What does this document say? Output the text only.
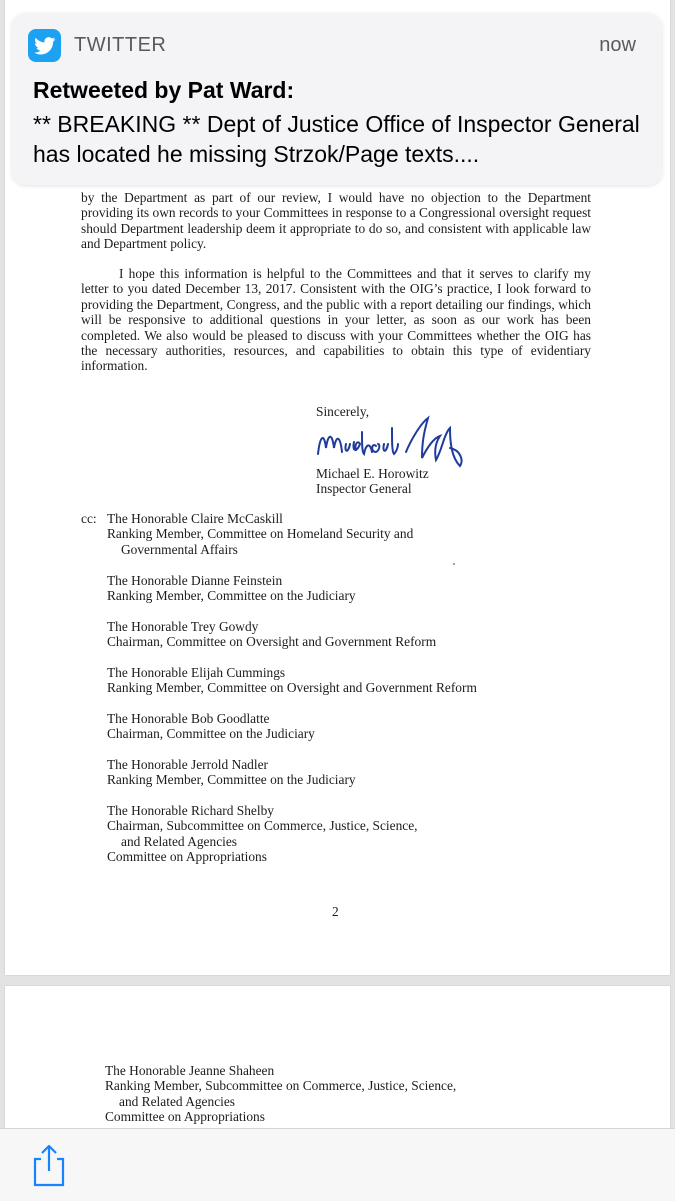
by the Department as part of our review, I would have no objection to the Department providing its own records to your Committees in response to a Congressional oversight request should Department leadership deem it appropriate to do so, and consistent with applicable law and Department policy.
I hope this information is helpful to the Committees and that it serves to clarify my letter to you dated December 13, 2017. Consistent with the OIG’s practice, I look forward to providing the Department, Congress, and the public with a report detailing our findings, which will be responsive to additional questions in your letter, as soon as our work has been completed. We also would be pleased to discuss with your Committees whether the OIG has the necessary authorities, resources, and capabilities to obtain this type of evidentiary information.
Sincerely,
Michael E. Horowitz
Inspector General
cc: The Honorable Claire McCaskill
Ranking Member, Committee on Homeland Security and
Governmental Affairs
The Honorable Dianne Feinstein
Ranking Member, Committee on the Judiciary
The Honorable Trey Gowdy
Chairman, Committee on Oversight and Government Reform
The Honorable Elijah Cummings
Ranking Member, Committee on Oversight and Government Reform
The Honorable Bob Goodlatte
Chairman, Committee on the Judiciary
The Honorable Jerrold Nadler
Ranking Member, Committee on the Judiciary
The Honorable Richard Shelby
Chairman, Subcommittee on Commerce, Justice, Science,
and Related Agencies
Committee on Appropriations
2
The Honorable Jeanne Shaheen
Ranking Member, Subcommittee on Commerce, Justice, Science,
and Related Agencies
Committee on Appropriations
TWITTER	now
Retweeted by Pat Ward:
** BREAKING ** Dept of Justice Office of Inspector General has located he missing Strzok/Page texts....
